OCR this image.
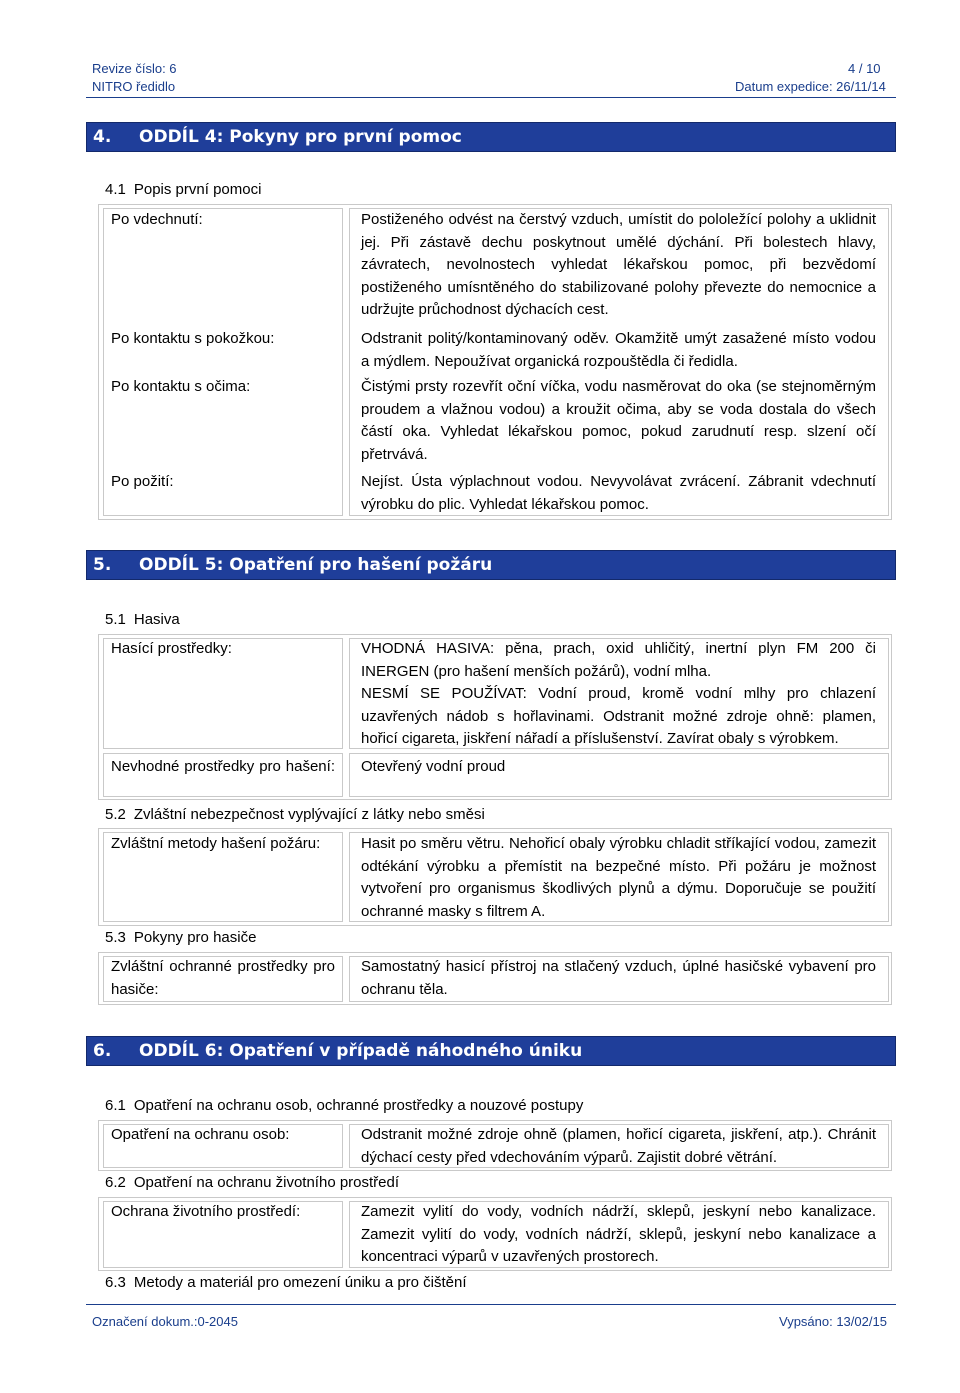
Revize číslo: 6	4 / 10
NITRO ředidlo	Datum expedice: 26/11/14
4.	ODDÍL 4: Pokyny pro první pomoc
4.1 Popis první pomoci
Po vdechnutí:	Postiženého odvést na čerstvý vzduch, umístit do pololežící polohy a uklidnit jej. Při zástavě dechu poskytnout umělé dýchání. Při bolestech hlavy, závratech, nevolnostech vyhledat lékařskou pomoc, při bezvědomí postiženého umísntěného do stabilizované polohy převezte do nemocnice a udržujte průchodnost dýchacích cest.
Po kontaktu s pokožkou:	Odstranit politý/kontaminovaný oděv. Okamžitě umýt zasažené místo vodou a mýdlem. Nepoužívat organická rozpouštědla či ředidla.
Po kontaktu s očima:	Čistými prsty rozevřít oční víčka, vodu nasměrovat do oka (se stejnoměrným proudem a vlažnou vodou) a kroužit očima, aby se voda dostala do všech částí oka. Vyhledat lékařskou pomoc, pokud zarudnutí resp. slzení očí přetrvává.
Po požití:	Nejíst. Ústa výplachnout vodou. Nevyvolávat zvrácení. Zábranit vdechnutí výrobku do plic. Vyhledat lékařskou pomoc.
5.	ODDÍL 5: Opatření pro hašení požáru
5.1 Hasiva
Hasící prostředky:	VHODNÁ HASIVA: pěna, prach, oxid uhličitý, inertní plyn FM 200 či INERGEN (pro hašení menších požárů), vodní mlha.

NESMÍ SE POUŽÍVAT: Vodní proud, kromě vodní mlhy pro chlazení uzavřených nádob s hořlavinami. Odstranit možné zdroje ohně: plamen, hořicí cigareta, jiskření nářadí a příslušenství. Zavírat obaly s výrobkem.

Nevhodné prostředky pro hašení: Otevřený vodní proud
5.2 Zvláštní nebezpečnost vyplývající z látky nebo směsi
Zvláštní metody hašení požáru:	Hasit po směru větru. Nehořicí obaly výrobku chladit stříkající vodou, zamezit odtékání výrobku a přemístit na bezpečné místo. Při požáru je možnost vytvoření pro organismus škodlivých plynů a dýmu. Doporučuje se použití ochranné masky s filtrem A.
5.3 Pokyny pro hasiče
Zvláštní ochranné prostředky pro hasiče:
Samostatný hasicí přístroj na stlačený vzduch, úplné hasičské vybavení pro ochranu těla.
6.	ODDÍL 6: Opatření v případě náhodného úniku
6.1 Opatření na ochranu osob, ochranné prostředky a nouzové postupy
Opatření na ochranu osob:	Odstranit možné zdroje ohně (plamen, hořicí cigareta, jiskření, atp.). Chránit dýchací cesty před vdechováním výparů. Zajistit dobré větrání.
6.2 Opatření na ochranu životního prostředí
Ochrana životního prostředí:	Zamezit vylití do vody, vodních nádrží, sklepů, jeskyní nebo kanalizace. Zamezit vylití do vody, vodních nádrží, sklepů, jeskyní nebo kanalizace a koncentraci výparů v uzavřených prostorech.
6.3 Metody a materiál pro omezení úniku a pro čištění
Označení dokum.:0-2045	Vypsáno: 13/02/15
